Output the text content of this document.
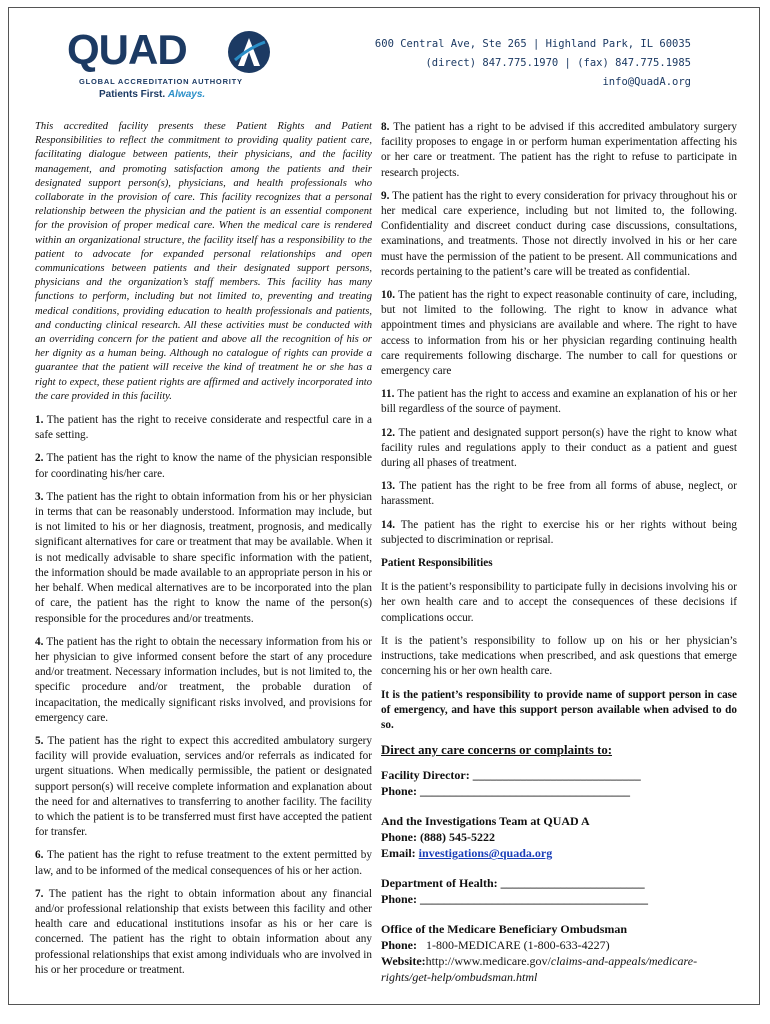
QUAD
GLOBAL ACCREDITATION AUTHORITY
Patients First. Always.
600 Central Ave, Ste 265 | Highland Park, IL 60035
(direct) 847.775.1970 | (fax) 847.775.1985
info@QuadA.org

This accredited facility presents these Patient Rights and Patient Responsibilities to reflect the commitment to providing quality patient care, facilitating dialogue between patients, their physicians, and the facility management, and promoting satisfaction among the patients and their designated support person(s), physicians, and health professionals who collaborate in the provision of care. This facility recognizes that a personal relationship between the physician and the patient is an essential component for the provision of proper medical care. When the medical care is rendered within an organizational structure, the facility itself has a responsibility to the patient to advocate for expanded personal relationships and open communications between patients and their designated support persons, physicians and the organization’s staff members. This facility has many functions to perform, including but not limited to, preventing and treating medical conditions, providing education to health professionals and patients, and conducting clinical research. All these activities must be conducted with an overriding concern for the patient and above all the recognition of his or her dignity as a human being. Although no catalogue of rights can provide a guarantee that the patient will receive the kind of treatment he or she has a right to expect, these patient rights are affirmed and actively incorporated into the care provided in this facility.

1. The patient has the right to receive considerate and respectful care in a safe setting.

2. The patient has the right to know the name of the physician responsible for coordinating his/her care.

3. The patient has the right to obtain information from his or her physician in terms that can be reasonably understood. Information may include, but is not limited to his or her diagnosis, treatment, prognosis, and medically significant alternatives for care or treatment that may be available. When it is not medically advisable to share specific information with the patient, the information should be made available to an appropriate person in his or her behalf. When medical alternatives are to be incorporated into the plan of care, the patient has the right to know the name of the person(s) responsible for the procedures and/or treatments.

4. The patient has the right to obtain the necessary information from his or her physician to give informed consent before the start of any procedure and/or treatment. Necessary information includes, but is not limited to, the specific procedure and/or treatment, the probable duration of incapacitation, the medically significant risks involved, and provisions for emergency care.

5. The patient has the right to expect this accredited ambulatory surgery facility will provide evaluation, services and/or referrals as indicated for urgent situations. When medically permissible, the patient or designated support person(s) will receive complete information and explanation about the need for and alternatives to transferring to another facility. The facility to which the patient is to be transferred must first have accepted the patient for transfer.

6. The patient has the right to refuse treatment to the extent permitted by law, and to be informed of the medical consequences of his or her action.

7. The patient has the right to obtain information about any financial and/or professional relationship that exists between this facility and other health care and educational institutions insofar as his or her care is concerned. The patient has the right to obtain information about any professional relationships that exist among individuals who are involved in his or her procedure or treatment.

8. The patient has a right to be advised if this accredited ambulatory surgery facility proposes to engage in or perform human experimentation affecting his or her care or treatment. The patient has the right to refuse to participate in research projects.

9. The patient has the right to every consideration for privacy throughout his or her medical care experience, including but not limited to, the following. Confidentiality and discreet conduct during case discussions, consultations, examinations, and treatments. Those not directly involved in his or her care must have the permission of the patient to be present. All communications and records pertaining to the patient’s care will be treated as confidential.

10. The patient has the right to expect reasonable continuity of care, including, but not limited to the following. The right to know in advance what appointment times and physicians are available and where. The right to have access to information from his or her physician regarding continuing health care requirements following discharge. The number to call for questions or emergency care

11. The patient has the right to access and examine an explanation of his or her bill regardless of the source of payment.

12. The patient and designated support person(s) have the right to know what facility rules and regulations apply to their conduct as a patient and guest during all phases of treatment.

13. The patient has the right to be free from all forms of abuse, neglect, or harassment.

14. The patient has the right to exercise his or her rights without being subjected to discrimination or reprisal.

Patient Responsibilities

It is the patient’s responsibility to participate fully in decisions involving his or her own health care and to accept the consequences of these decisions if complications occur.

It is the patient’s responsibility to follow up on his or her physician’s instructions, take medications when prescribed, and ask questions that emerge concerning his or her own health care.

It is the patient’s responsibility to provide name of support person in case of emergency, and have this support person available when advised to do so.

Direct any care concerns or complaints to:

Facility Director: ____________________________
Phone: ___________________________________
And the Investigations Team at QUAD A
Phone: (888) 545-5222
Email: investigations@quada.org
Department of Health: ________________________
Phone: ______________________________________
Office of the Medicare Beneficiary Ombudsman
Phone: 1-800-MEDICARE (1-800-633-4227)
Website:http://www.medicare.gov/claims-and-appeals/medicare-rights/get-help/ombudsman.html
